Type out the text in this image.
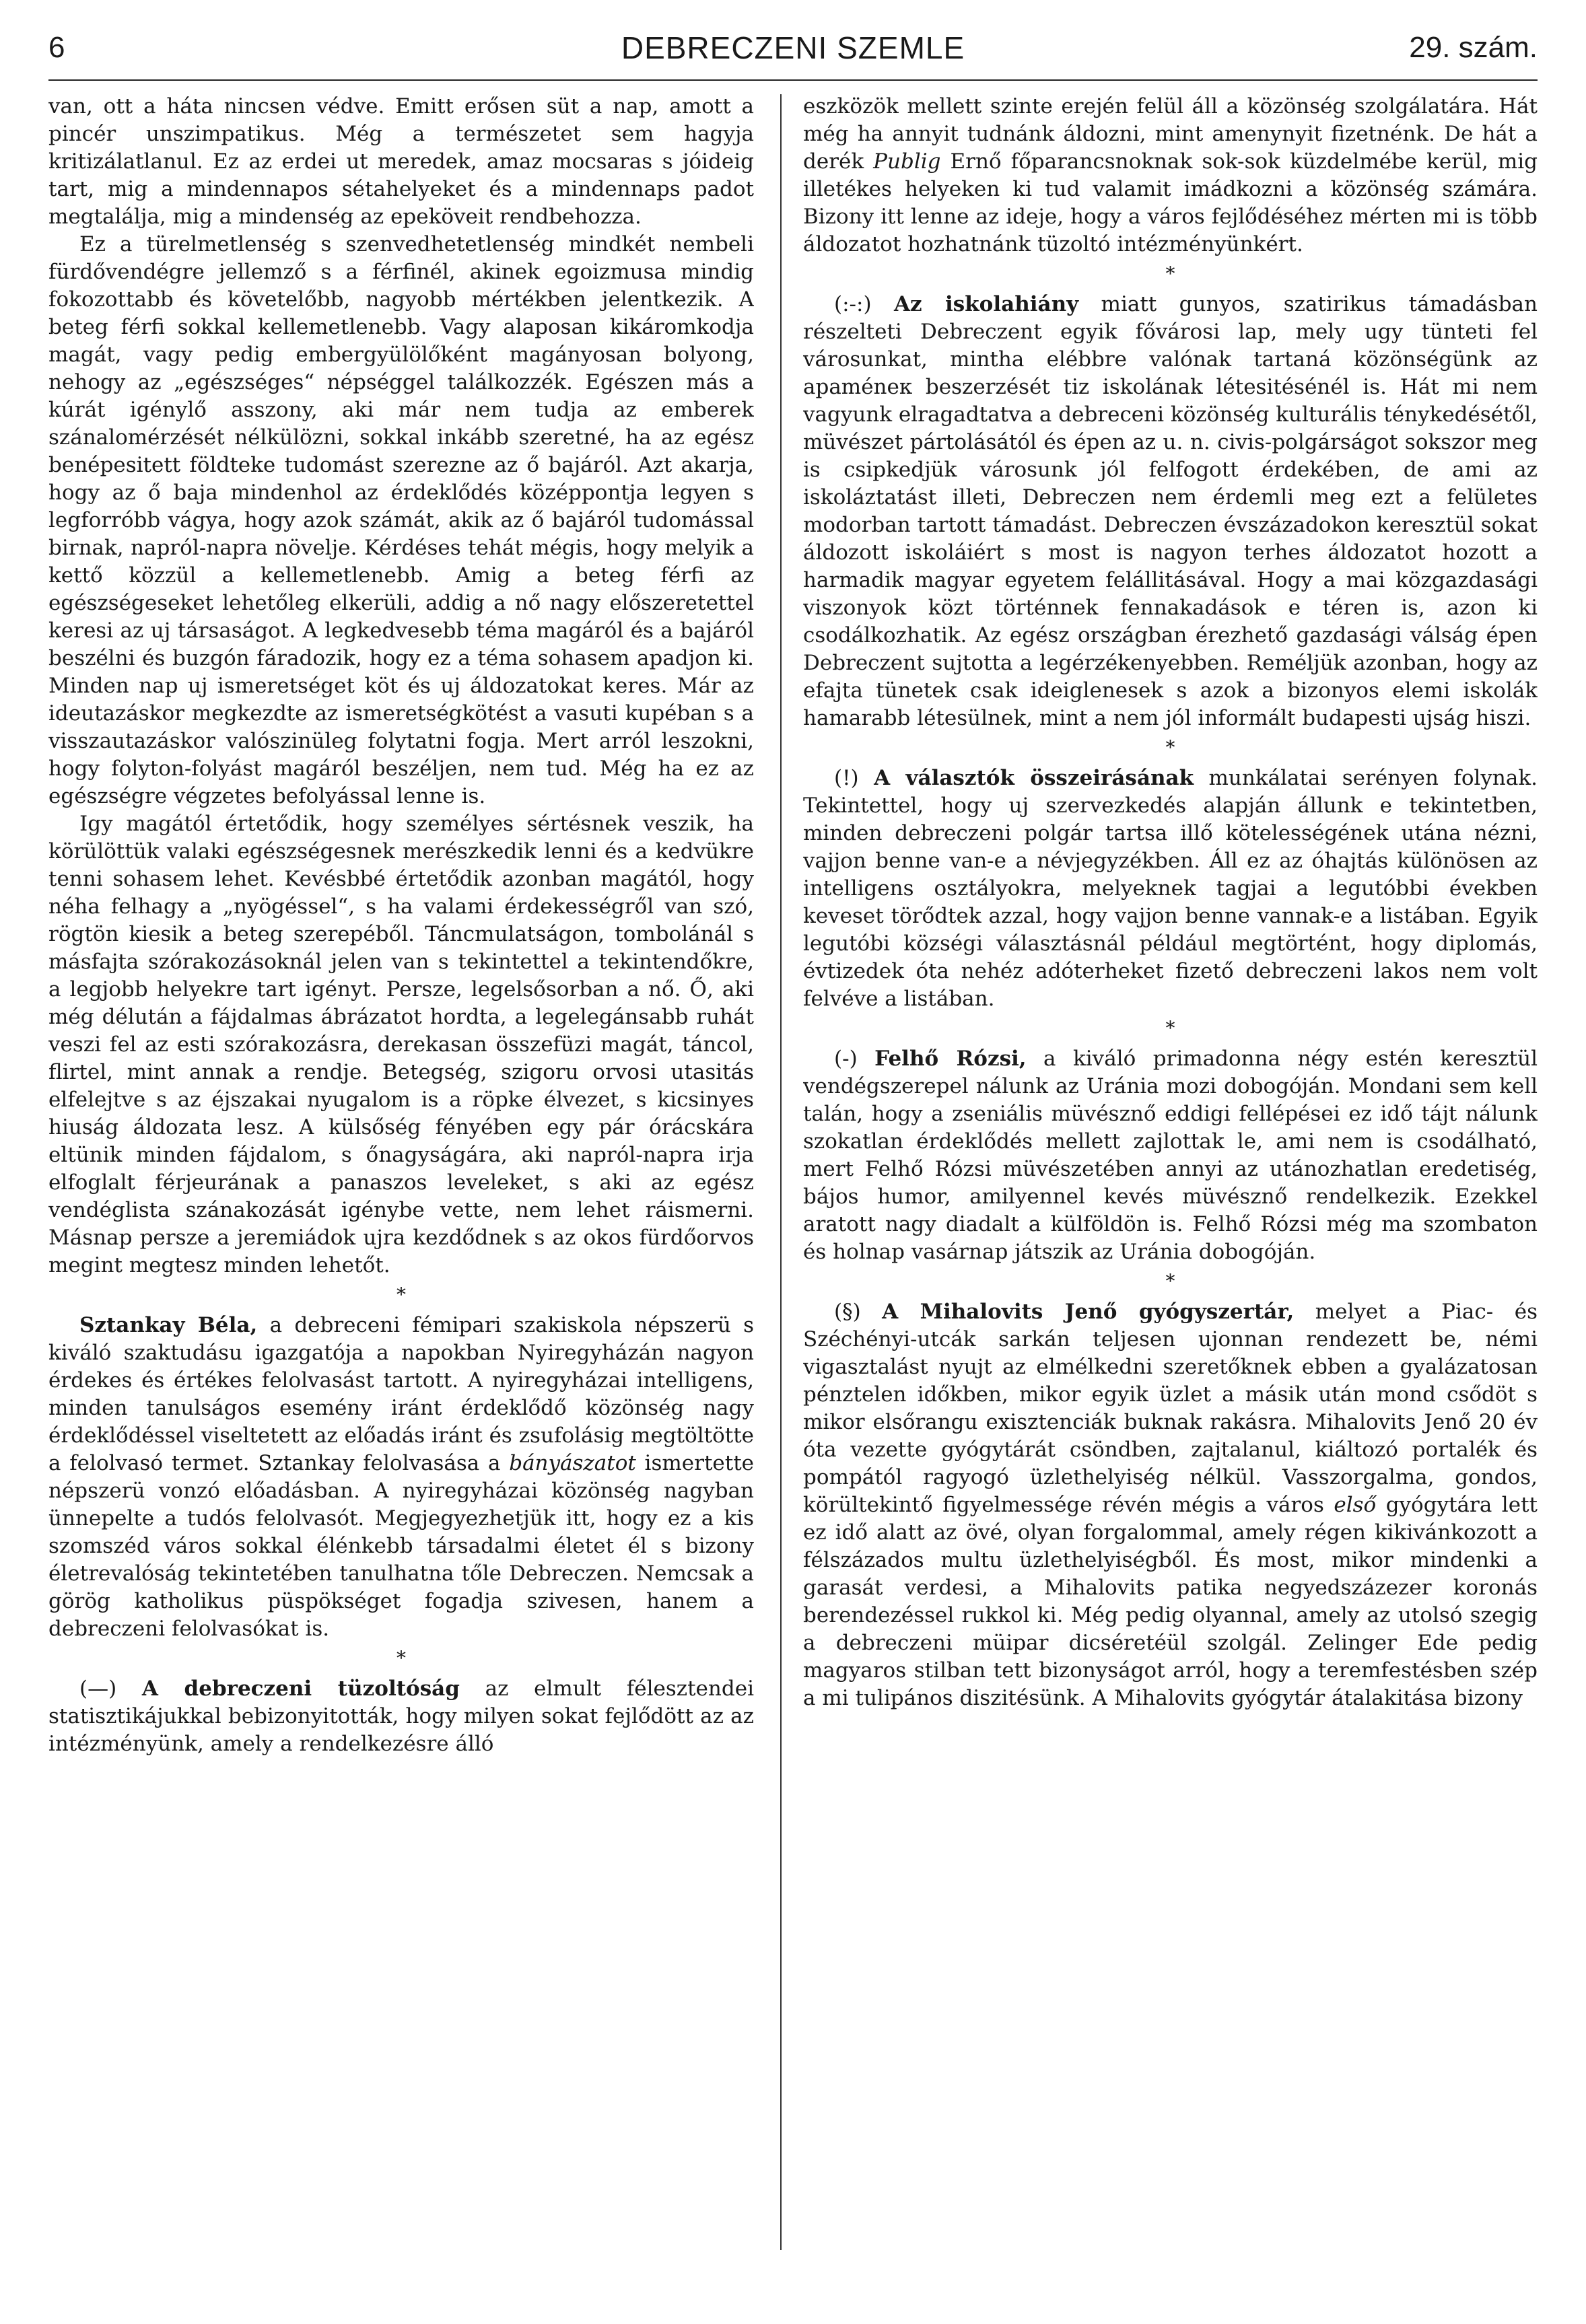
6	DEBRECZENI SZEMLE	29. szám.

van, ott a háta nincsen védve. Emitt erősen süt a nap, amott a pincér unszimpatikus. Még a természetet sem hagyja kritizálatlanul. Ez az erdei ut meredek, amaz mocsaras s jóideig tart, mig a mindennapos sétahelyeket és a mindennaps padot megtalálja, mig a mindenség az epeköveit rendbehozza.

Ez a türelmetlenség s szenvedhetetlenség mindkét nembeli fürdővendégre jellemző s a férfinél, akinek egoizmusa mindig fokozottabb és követelőbb, nagyobb mértékben jelentkezik. A beteg férfi sokkal kellemetlenebb. Vagy alaposan kikáromkodja magát, vagy pedig embergyülölőként magányosan bolyong, nehogy az „egészséges“ népséggel találkozzék. Egészen más a kúrát igénylő asszony, aki már nem tudja az emberek szánalomérzését nélkülözni, sokkal inkább szeretné, ha az egész benépesitett földteke tudomást szerezne az ő bajáról. Azt akarja, hogy az ő baja mindenhol az érdeklődés középpontja legyen s legforróbb vágya, hogy azok számát, akik az ő bajáról tudomással birnak, napról-napra növelje. Kérdéses tehát mégis, hogy melyik a kettő közzül a kellemetlenebb. Amig a beteg férfi az egészségeseket lehetőleg elkerüli, addig a nő nagy előszeretettel keresi az uj társaságot. A legkedvesebb téma magáról és a bajáról beszélni és buzgón fáradozik, hogy ez a téma sohasem apadjon ki. Minden nap uj ismeretséget köt és uj áldozatokat keres. Már az ideutazáskor megkezdte az ismeretségkötést a vasuti kupéban s a visszautazáskor valószinüleg folytatni fogja. Mert arról leszokni, hogy folyton-folyást magáról beszéljen, nem tud. Még ha ez az egészségre végzetes befolyással lenne is.

Igy magától értetődik, hogy személyes sértésnek veszik, ha körülöttük valaki egészségesnek merészkedik lenni és a kedvükre tenni sohasem lehet. Kevésbbé értetődik azonban magától, hogy néha felhagy a „nyögéssel“, s ha valami érdekességről van szó, rögtön kiesik a beteg szerepéből. Táncmulatságon, tombolánál s másfajta szórakozásoknál jelen van s tekintettel a tekintendőkre, a legjobb helyekre tart igényt. Persze, legelsősorban a nő. Ő, aki még délután a fájdalmas ábrázatot hordta, a legelegánsabb ruhát veszi fel az esti szórakozásra, derekasan összefüzi magát, táncol, flirtel, mint annak a rendje. Betegség, szigoru orvosi utasitás elfelejtve s az éjszakai nyugalom is a röpke élvezet, s kicsinyes hiuság áldozata lesz. A külsőség fényében egy pár órácskára eltünik minden fájdalom, s őnagyságára, aki napról-napra irja elfoglalt férjeurának a panaszos leveleket, s aki az egész vendéglista szánakozását igénybe vette, nem lehet ráismerni. Másnap persze a jeremiádok ujra kezdődnek s az okos fürdőorvos megint megtesz minden lehetőt.

*

Sztankay Béla, a debreceni fémipari szakiskola népszerü s kiváló szaktudásu igazgatója a napokban Nyiregyházán nagyon érdekes és értékes felolvasást tartott. A nyiregyházai intelligens, minden tanulságos esemény iránt érdeklődő közönség nagy érdeklődéssel viseltetett az előadás iránt és zsufolásig megtöltötte a felolvasó termet. Sztankay felolvasása a bányászatot ismertette népszerü vonzó előadásban. A nyiregyházai közönség nagyban ünnepelte a tudós felolvasót. Megjegyezhetjük itt, hogy ez a kis szomszéd város sokkal élénkebb társadalmi életet él s bizony életrevalóság tekintetében tanulhatna tőle Debreczen. Nemcsak a görög katholikus püspökséget fogadja szivesen, hanem a debreczeni felolvasókat is.

*

(—) A debreczeni tüzoltóság az elmult félesztendei statisztikájukkal bebizonyitották, hogy milyen sokat fejlődött az az intézményünk, amely a rendelkezésre álló

eszközök mellett szinte erején felül áll a közönség szolgálatára. Hát még ha annyit tudnánk áldozni, mint amenynyit fizetnénk. De hát a derék Publig Ernő főparancsnoknak sok-sok küzdelmébe kerül, mig illetékes helyeken ki tud valamit imádkozni a közönség számára. Bizony itt lenne az ideje, hogy a város fejlődéséhez mérten mi is több áldozatot hozhatnánk tüzoltó intézményünkért.

*

(:-:) Az iskolahiány miatt gunyos, szatirikus támadásban részelteti Debreczent egyik fővárosi lap, mely ugy tünteti fel városunkat, mintha elébbre valónak tartaná közönségünk az apaméneк beszerzését tiz iskolának létesitésénél is. Hát mi nem vagyunk elragadtatva a debreceni közönség kulturális ténykedésétől, müvészet pártolásától és épen az u. n. civis-polgárságot sokszor meg is csipkedjük városunk jól felfogott érdekében, de ami az iskoláztatást illeti, Debreczen nem érdemli meg ezt a felületes modorban tartott támadást. Debreczen évszázadokon keresztül sokat áldozott iskoláiért s most is nagyon terhes áldozatot hozott a harmadik magyar egyetem felállitásával. Hogy a mai közgazdasági viszonyok közt történnek fennakadások e téren is, azon ki csodálkozhatik. Az egész országban érezhető gazdasági válság épen Debreczent sujtotta a legérzékenyebben. Reméljük azonban, hogy az efajta tünetek csak ideiglenesek s azok a bizonyos elemi iskolák hamarabb létesülnek, mint a nem jól informált budapesti ujság hiszi.

*

(!) A választók összeirásának munkálatai serényen folynak. Tekintettel, hogy uj szervezkedés alapján állunk e tekintetben, minden debreczeni polgár tartsa illő kötelességének utána nézni, vajjon benne van-e a névjegyzékben. Áll ez az óhajtás különösen az intelligens osztályokra, melyeknek tagjai a legutóbbi években keveset törődtek azzal, hogy vajjon benne vannak-e a listában. Egyik legutóbi községi választásnál például megtörtént, hogy diplomás, évtizedek óta nehéz adóterheket fizető debreczeni lakos nem volt felvéve a listában.

*

(-) Felhő Rózsi, a kiváló primadonna négy estén keresztül vendégszerepel nálunk az Uránia mozi dobogóján. Mondani sem kell talán, hogy a zseniális müvésznő eddigi fellépései ez idő tájt nálunk szokatlan érdeklődés mellett zajlottak le, ami nem is csodálható, mert Felhő Rózsi müvészetében annyi az utánozhatlan eredetiség, bájos humor, amilyennel kevés müvésznő rendelkezik. Ezekkel aratott nagy diadalt a külföldön is. Felhő Rózsi még ma szombaton és holnap vasárnap játszik az Uránia dobogóján.

*

(§) A Mihalovits Jenő gyógyszertár, melyet a Piac- és Széchényi-utcák sarkán teljesen ujonnan rendezett be, némi vigasztalást nyujt az elmélkedni szeretőknek ebben a gyalázatosan pénztelen időkben, mikor egyik üzlet a másik után mond csődöt s mikor elsőrangu exisztenciák buknak rakásra. Mihalovits Jenő 20 év óta vezette gyógytárát csöndben, zajtalanul, kiáltozó portalék és pompától ragyogó üzlethelyiség nélkül. Vasszorgalma, gondos, körültekintő figyelmessége révén mégis a város első gyógytára lett ez idő alatt az övé, olyan forgalommal, amely régen kikivánkozott a félszázados multu üzlethelyiségből. És most, mikor mindenki a garasát verdesi, a Mihalovits patika negyedszázezer koronás berendezéssel rukkol ki. Még pedig olyannal, amely az utolsó szegig a debreczeni müipar dicséretéül szolgál. Zelinger Ede pedig magyaros stilban tett bizonyságot arról, hogy a teremfestésben szép a mi tulipános diszitésünk. A Mihalovits gyógytár átalakitása bizony
